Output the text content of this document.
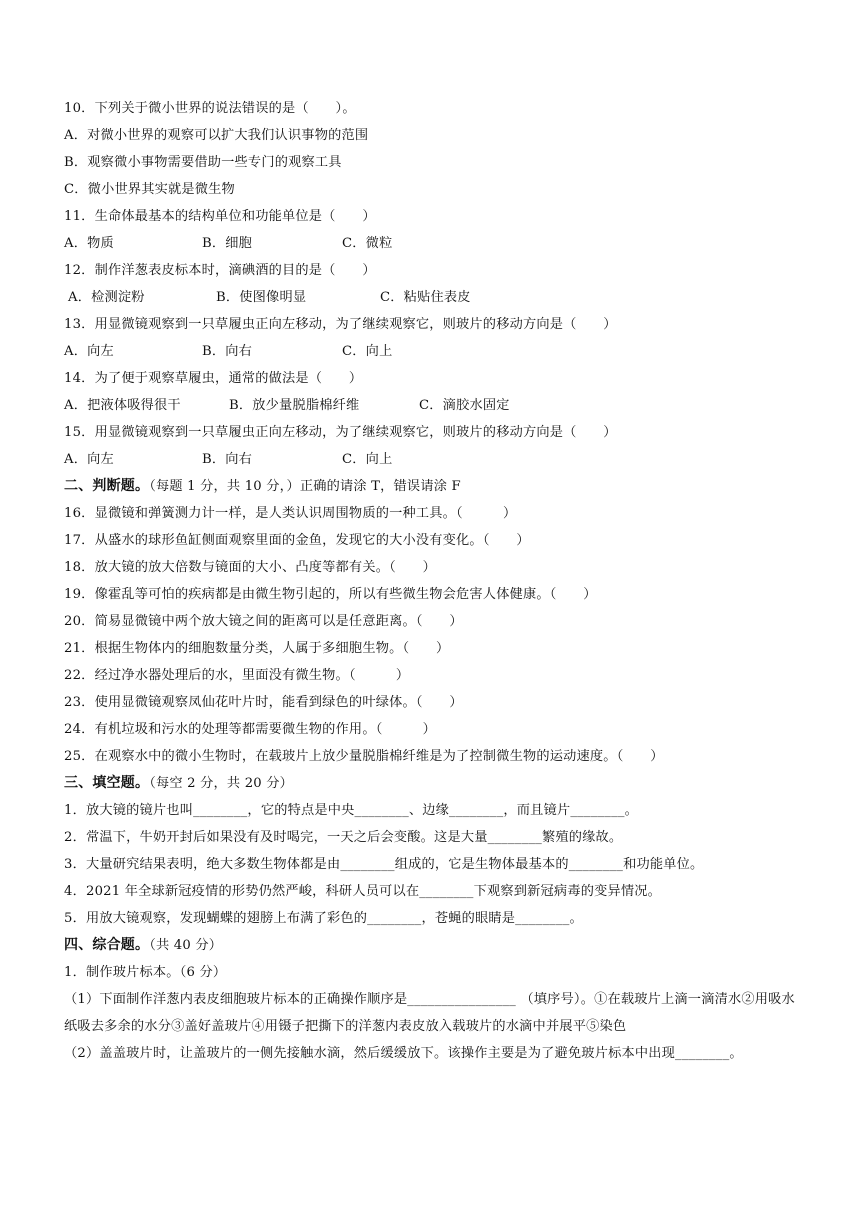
10．下列关于微小世界的说法错误的是（　　）。
A．对微小世界的观察可以扩大我们认识事物的范围
B．观察微小事物需要借助一些专门的观察工具
C．微小世界其实就是微生物
11．生命体最基本的结构单位和功能单位是（　　）
A．物质	B．细胞	C．微粒
12．制作洋葱表皮标本时，滴碘酒的目的是（　　）
A．检测淀粉	B．使图像明显	C．粘贴住表皮
13．用显微镜观察到一只草履虫正向左移动，为了继续观察它，则玻片的移动方向是（　　）
A．向左	B．向右	C．向上
14．为了便于观察草履虫，通常的做法是（　　）
A．把液体吸得很干	B．放少量脱脂棉纤维	C．滴胶水固定
15．用显微镜观察到一只草履虫正向左移动，为了继续观察它，则玻片的移动方向是（　　）
A．向左	B．向右	C．向上
二、判断题。（每题 1 分，共 10 分，）正确的请涂 T，错误请涂 F
16．显微镜和弹簧测力计一样，是人类认识周围物质的一种工具。（　　　）
17．从盛水的球形鱼缸侧面观察里面的金鱼，发现它的大小没有变化。（　　）
18．放大镜的放大倍数与镜面的大小、凸度等都有关。（　　）
19．像霍乱等可怕的疾病都是由微生物引起的，所以有些微生物会危害人体健康。（　　）
20．简易显微镜中两个放大镜之间的距离可以是任意距离。（　　）
21．根据生物体内的细胞数量分类，人属于多细胞生物。（　　）
22．经过净水器处理后的水，里面没有微生物。（　　　）
23．使用显微镜观察凤仙花叶片时，能看到绿色的叶绿体。（　　）
24．有机垃圾和污水的处理等都需要微生物的作用。（　　　）
25．在观察水中的微小生物时，在载玻片上放少量脱脂棉纤维是为了控制微生物的运动速度。（　　）
三、填空题。（每空 2 分，共 20 分）
1．放大镜的镜片也叫________，它的特点是中央________、边缘________，而且镜片________。
2．常温下，牛奶开封后如果没有及时喝完，一天之后会变酸。这是大量________繁殖的缘故。
3．大量研究结果表明，绝大多数生物体都是由________组成的，它是生物体最基本的________和功能单位。
4．2021 年全球新冠疫情的形势仍然严峻，科研人员可以在________下观察到新冠病毒的变异情况。
5．用放大镜观察，发现蝴蝶的翅膀上布满了彩色的________，苍蝇的眼睛是________。
四、综合题。（共 40 分）
1．制作玻片标本。（6 分）
（1）下面制作洋葱内表皮细胞玻片标本的正确操作顺序是________________ （填序号）。①在载玻片上滴一滴清水②用吸水纸吸去多余的水分③盖好盖玻片④用镊子把撕下的洋葱内表皮放入载玻片的水滴中并展平⑤染色
（2）盖盖玻片时，让盖玻片的一侧先接触水滴，然后缓缓放下。该操作主要是为了避免玻片标本中出现________。
